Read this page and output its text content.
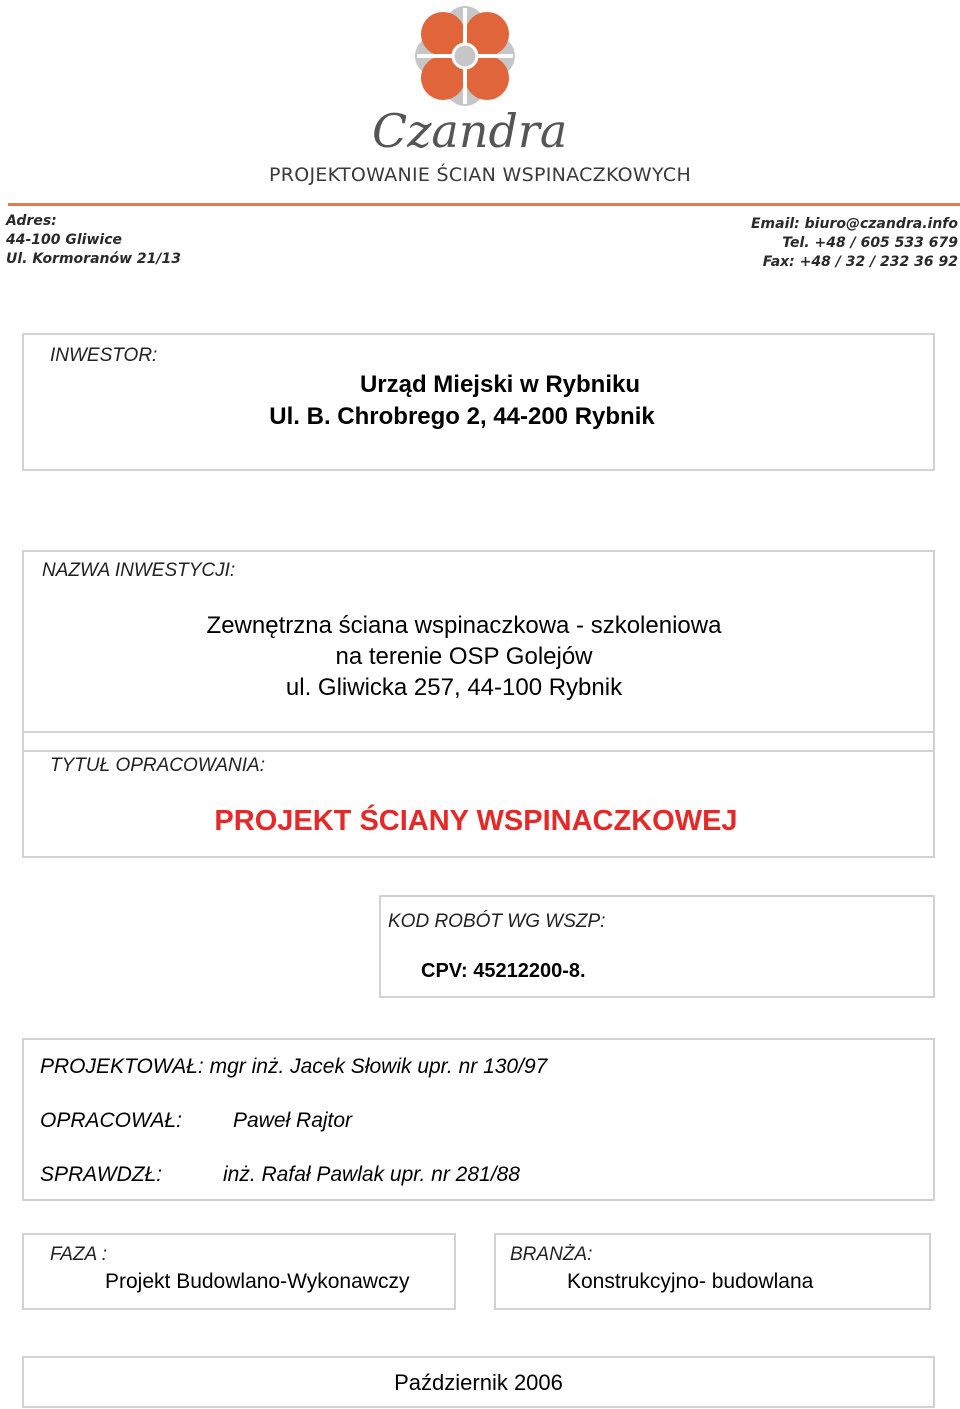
Czandra
PROJEKTOWANIE ŚCIAN WSPINACZKOWYCH
Adres:
44-100 Gliwice
Ul. Kormoranów 21/13
Email: biuro@czandra.info
Tel. +48 / 605 533 679
Fax: +48 / 32 / 232 36 92
INWESTOR:
Urząd Miejski w Rybniku
Ul. B. Chrobrego 2, 44-200 Rybnik
NAZWA INWESTYCJI:
Zewnętrzna ściana wspinaczkowa - szkoleniowa
na terenie OSP Golejów
ul. Gliwicka 257, 44-100 Rybnik
TYTUŁ OPRACOWANIA:
PROJEKT ŚCIANY WSPINACZKOWEJ
KOD ROBÓT WG WSZP:
CPV: 45212200-8.
PROJEKTOWAŁ: mgr inż. Jacek Słowik upr. nr 130/97
OPRACOWAŁ: Paweł Rajtor
SPRAWDZŁ:	inż. Rafał Pawlak upr. nr 281/88
FAZA :
Projekt Budowlano-Wykonawczy
BRANŻA:
Konstrukcyjno- budowlana
Październik 2006
